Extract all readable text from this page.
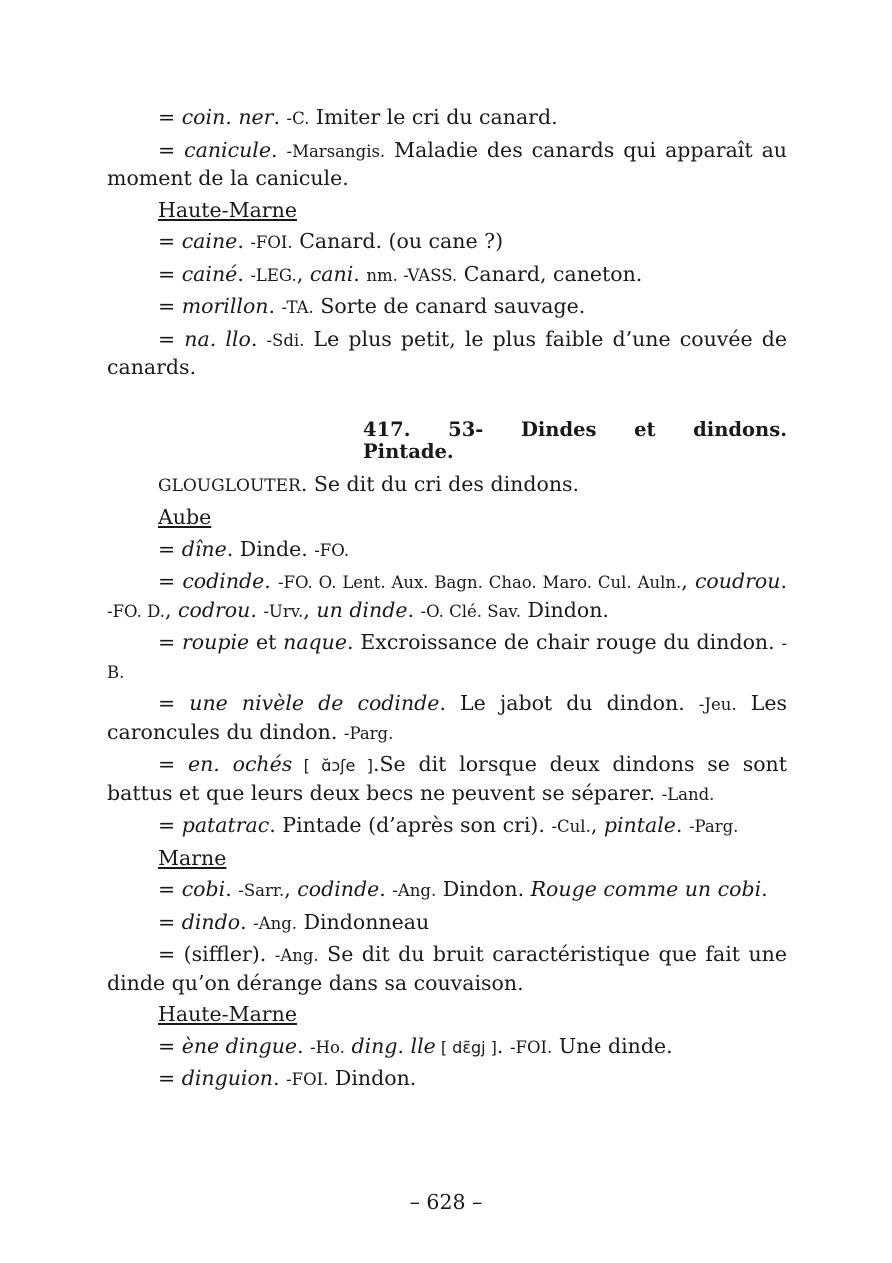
= coin. ner. -C. Imiter le cri du canard.

= canicule. -Marsangis. Maladie des canards qui apparaît au moment de la canicule.

Haute-Marne

= caine. -FOI. Canard. (ou cane ?)

= cainé. -LEG., cani. nm. -VASS. Canard, caneton.

= morillon. -TA. Sorte de canard sauvage.

= na. llo. -Sdi. Le plus petit, le plus faible d’une couvée de canards.

417. 53- Dindes et dindons.
Pintade.

GLOUGLOUTER. Se dit du cri des dindons.

Aube

= dîne. Dinde. -FO.

= codinde. -FO. O. Lent. Aux. Bagn. Chao. Maro. Cul. Auln., coudrou. -FO. D., codrou. -Urv., un dinde. -O. Clé. Sav. Dindon.

= roupie et naque. Excroissance de chair rouge du dindon. -B.

= une nivèle de codinde. Le jabot du dindon. -Jeu. Les caroncules du dindon. -Parg.

= en. ochés [ ɑ̆ɔʃe ].Se dit lorsque deux dindons se sont battus et que leurs deux becs ne peuvent se séparer. -Land.

= patatrac. Pintade (d’après son cri). -Cul., pintale. -Parg.

Marne

= cobi. -Sarr., codinde. -Ang. Dindon. Rouge comme un cobi.

= dindo. -Ang. Dindonneau

= (siffler). -Ang. Se dit du bruit caractéristique que fait une dinde qu’on dérange dans sa couvaison.

Haute-Marne

= ène dingue. -Ho. ding. lle [ dɛ̃gj ]. -FOI. Une dinde.

= dinguion. -FOI. Dindon.

– 628 –
